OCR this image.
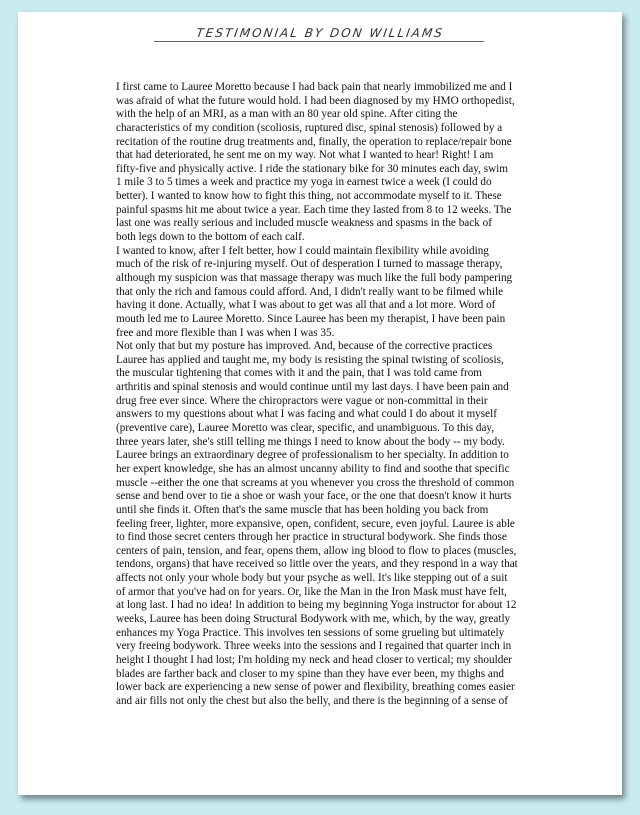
TESTIMONIAL BY DON WILLIAMS
I first came to Lauree Moretto because I had back pain that nearly immobilized me and I
was afraid of what the future would hold. I had been diagnosed by my HMO orthopedist,
with the help of an MRI, as a man with an 80 year old spine. After citing the
characteristics of my condition (scoliosis, ruptured disc, spinal stenosis) followed by a
recitation of the routine drug treatments and, finally, the operation to replace/repair bone
that had deteriorated, he sent me on my way. Not what I wanted to hear! Right! I am
fifty-five and physically active. I ride the stationary bike for 30 minutes each day, swim
1 mile 3 to 5 times a week and practice my yoga in earnest twice a week (I could do
better). I wanted to know how to fight this thing, not accommodate myself to it. These
painful spasms hit me about twice a year. Each time they lasted from 8 to 12 weeks. The
last one was really serious and included muscle weakness and spasms in the back of
both legs down to the bottom of each calf.
I wanted to know, after I felt better, how I could maintain flexibility while avoiding
much of the risk of re-injuring myself. Out of desperation I turned to massage therapy,
although my suspicion was that massage therapy was much like the full body pampering
that only the rich and famous could afford. And, I didn't really want to be filmed while
having it done. Actually, what I was about to get was all that and a lot more. Word of
mouth led me to Lauree Moretto. Since Lauree has been my therapist, I have been pain
free and more flexible than I was when I was 35.
Not only that but my posture has improved. And, because of the corrective practices
Lauree has applied and taught me, my body is resisting the spinal twisting of scoliosis,
the muscular tightening that comes with it and the pain, that I was told came from
arthritis and spinal stenosis and would continue until my last days. I have been pain and
drug free ever since. Where the chiropractors were vague or non-committal in their
answers to my questions about what I was facing and what could I do about it myself
(preventive care), Lauree Moretto was clear, specific, and unambiguous. To this day,
three years later, she's still telling me things I need to know about the body -- my body.
Lauree brings an extraordinary degree of professionalism to her specialty. In addition to
her expert knowledge, she has an almost uncanny ability to find and soothe that specific
muscle --either the one that screams at you whenever you cross the threshold of common
sense and bend over to tie a shoe or wash your face, or the one that doesn't know it hurts
until she finds it. Often that's the same muscle that has been holding you back from
feeling freer, lighter, more expansive, open, confident, secure, even joyful. Lauree is able
to find those secret centers through her practice in structural bodywork. She finds those
centers of pain, tension, and fear, opens them, allow ing blood to flow to places (muscles,
tendons, organs) that have received so little over the years, and they respond in a way that
affects not only your whole body but your psyche as well. It's like stepping out of a suit
of armor that you've had on for years. Or, like the Man in the Iron Mask must have felt,
at long last. I had no idea! In addition to being my beginning Yoga instructor for about 12
weeks, Lauree has been doing Structural Bodywork with me, which, by the way, greatly
enhances my Yoga Practice. This involves ten sessions of some grueling but ultimately
very freeing bodywork. Three weeks into the sessions and I regained that quarter inch in
height I thought I had lost; I'm holding my neck and head closer to vertical; my shoulder
blades are farther back and closer to my spine than they have ever been, my thighs and
lower back are experiencing a new sense of power and flexibility, breathing comes easier
and air fills not only the chest but also the belly, and there is the beginning of a sense of
